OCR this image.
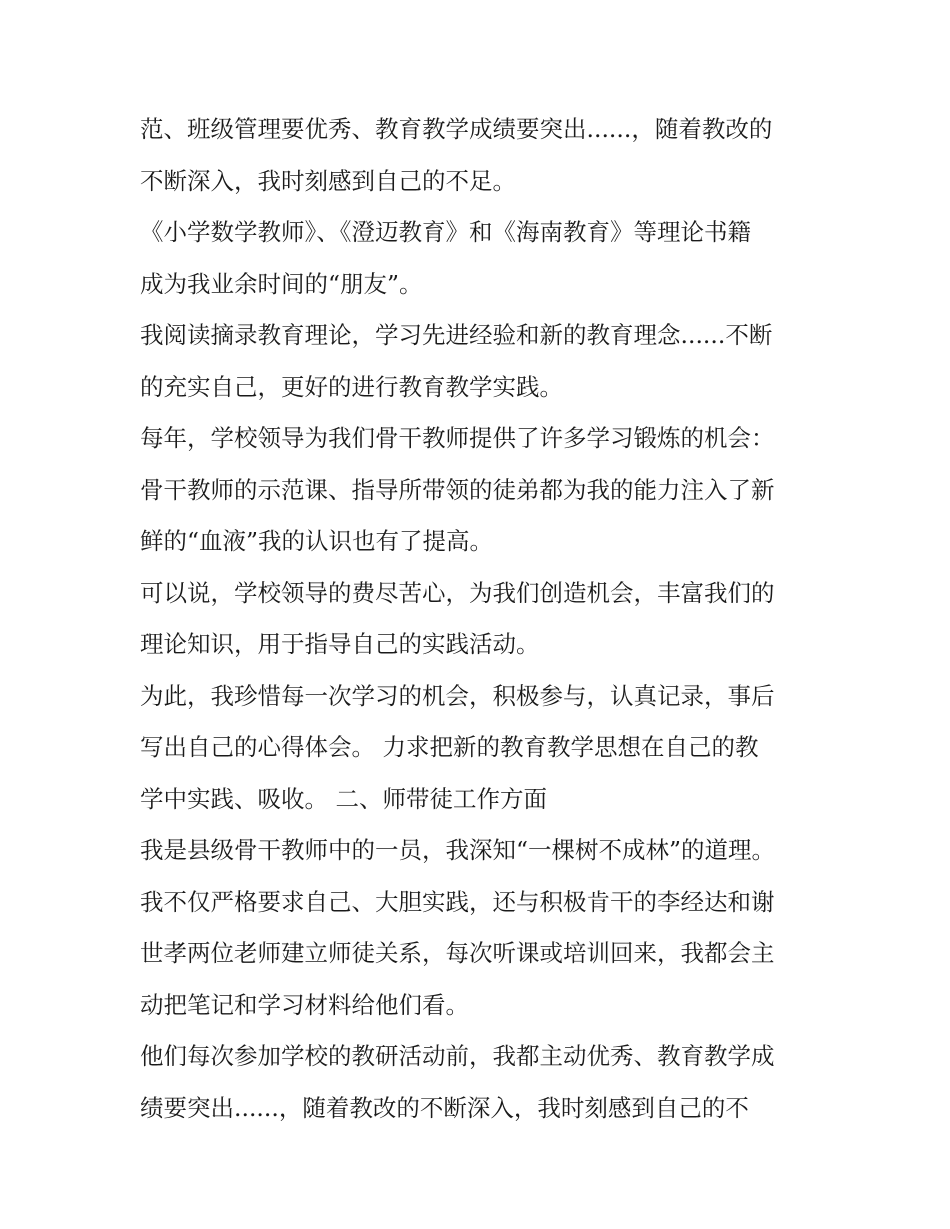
范、班级管理要优秀、教育教学成绩要突出......，随着教改的
不断深入，我时刻感到自己的不足。
《小学数学教师》、《澄迈教育》和《海南教育》等理论书籍
成为我业余时间的“朋友”。
我阅读摘录教育理论，学习先进经验和新的教育理念......不断
的充实自己，更好的进行教育教学实践。
每年，学校领导为我们骨干教师提供了许多学习锻炼的机会：
骨干教师的示范课、指导所带领的徒弟都为我的能力注入了新
鲜的“血液”我的认识也有了提高。
可以说，学校领导的费尽苦心，为我们创造机会，丰富我们的
理论知识，用于指导自己的实践活动。
为此，我珍惜每一次学习的机会，积极参与，认真记录，事后
写出自己的心得体会。 力求把新的教育教学思想在自己的教
学中实践、吸收。 二、师带徒工作方面
我是县级骨干教师中的一员，我深知“一棵树不成林”的道理。
我不仅严格要求自己、大胆实践，还与积极肯干的李经达和谢
世孝两位老师建立师徒关系，每次听课或培训回来，我都会主
动把笔记和学习材料给他们看。
他们每次参加学校的教研活动前，我都主动优秀、教育教学成
绩要突出......，随着教改的不断深入，我时刻感到自己的不
